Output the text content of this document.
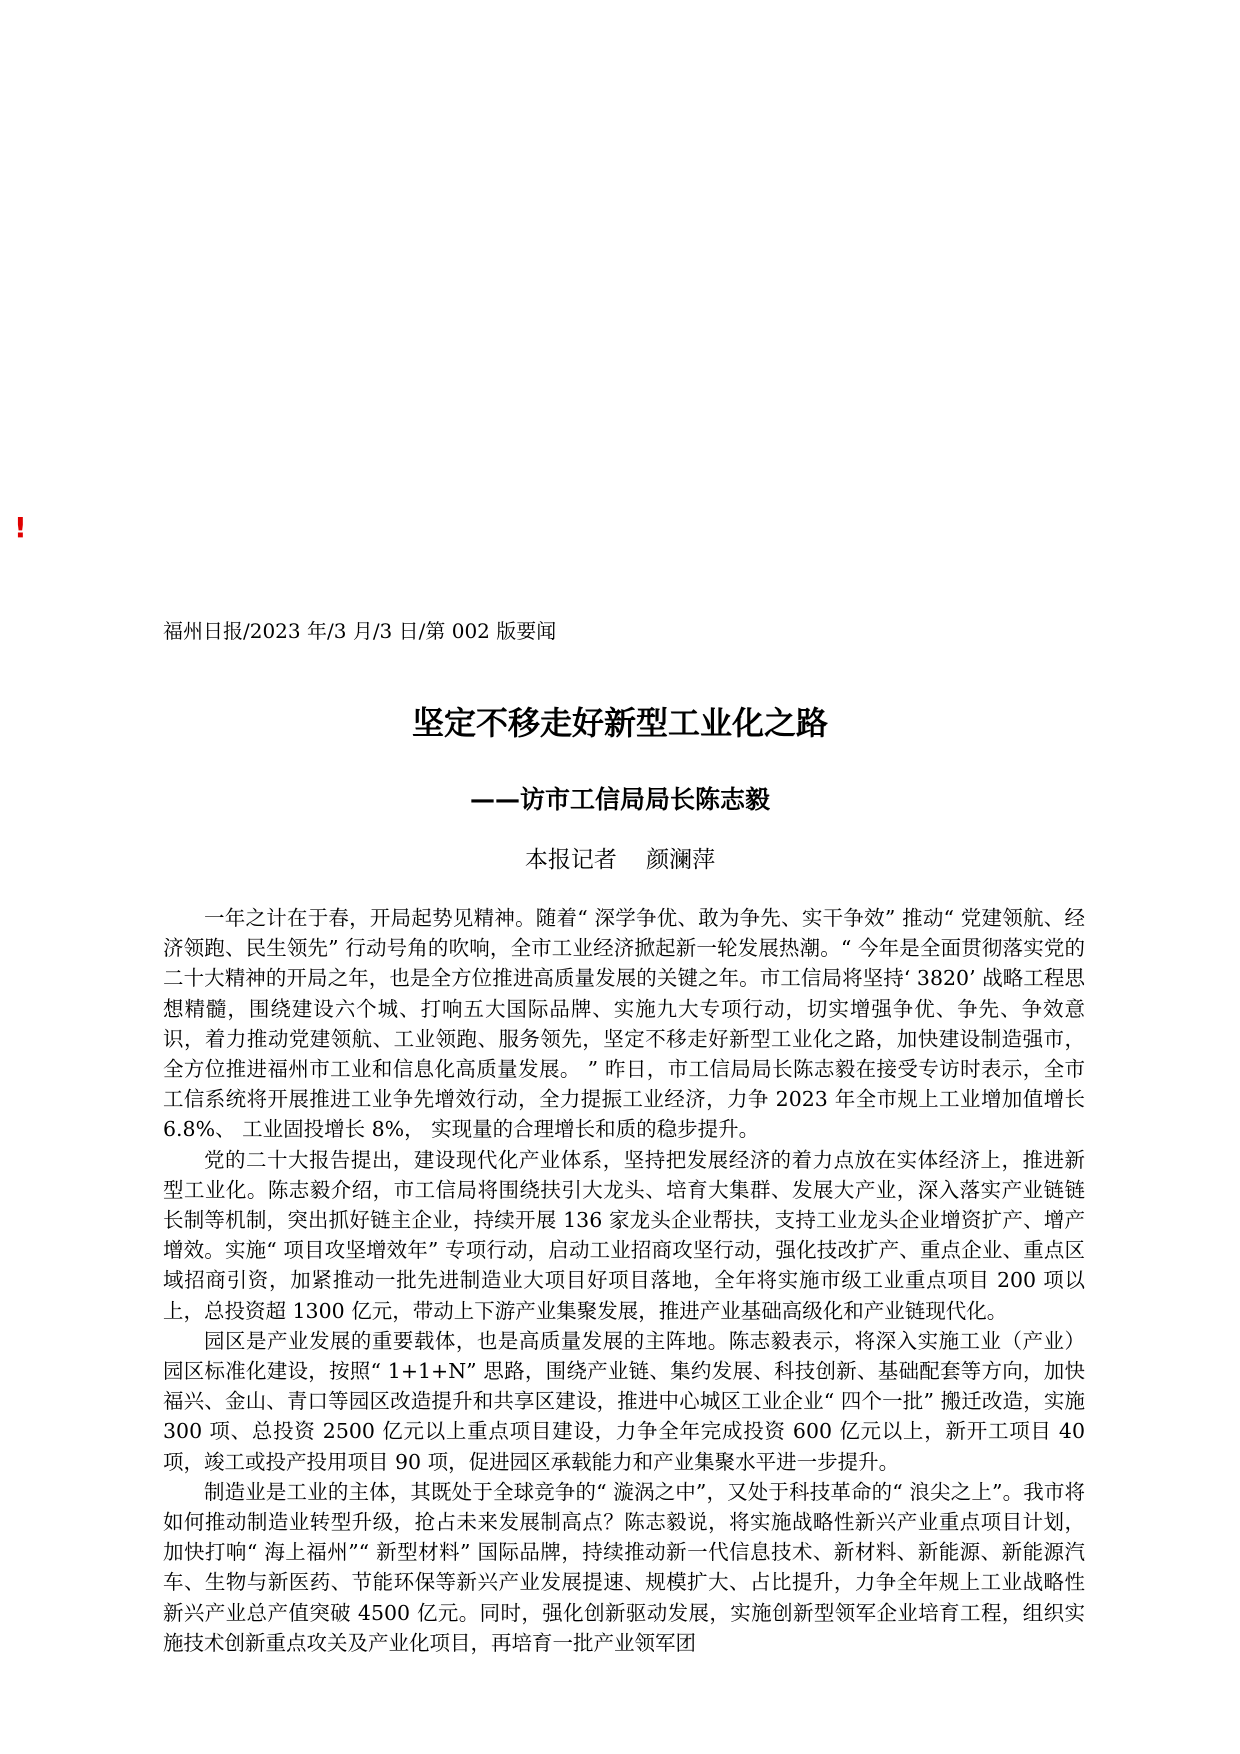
!
福州日报/2023 年/3 月/3 日/第 002 版要闻
坚定不移走好新型工业化之路
——访市工信局局长陈志毅
本报记者    颜澜萍

一年之计在于春，开局起势见精神。随着“ 深学争优、敢为争先、实干争效” 推动“ 党建领航、经济领跑、民生领先” 行动号角的吹响，全市工业经济掀起新一轮发展热潮。“ 今年是全面贯彻落实党的二十大精神的开局之年，也是全方位推进高质量发展的关键之年。市工信局将坚持‘ 3820’ 战略工程思想精髓，围绕建设六个城、打响五大国际品牌、实施九大专项行动，切实增强争优、争先、争效意识，着力推动党建领航、工业领跑、服务领先，坚定不移走好新型工业化之路，加快建设制造强市，全方位推进福州市工业和信息化高质量发展。 ” 昨日，市工信局局长陈志毅在接受专访时表示，全市工信系统将开展推进工业争先增效行动，全力提振工业经济，力争 2023 年全市规上工业增加值增长 6.8%、 工业固投增长 8%， 实现量的合理增长和质的稳步提升。

党的二十大报告提出，建设现代化产业体系，坚持把发展经济的着力点放在实体经济上，推进新型工业化。陈志毅介绍，市工信局将围绕扶引大龙头、培育大集群、发展大产业，深入落实产业链链长制等机制，突出抓好链主企业，持续开展 136 家龙头企业帮扶，支持工业龙头企业增资扩产、增产增效。实施“ 项目攻坚增效年” 专项行动，启动工业招商攻坚行动，强化技改扩产、重点企业、重点区域招商引资，加紧推动一批先进制造业大项目好项目落地，全年将实施市级工业重点项目 200 项以上，总投资超 1300 亿元，带动上下游产业集聚发展，推进产业基础高级化和产业链现代化。

园区是产业发展的重要载体，也是高质量发展的主阵地。陈志毅表示，将深入实施工业（产业）园区标准化建设，按照“ 1+1+N” 思路，围绕产业链、集约发展、科技创新、基础配套等方向，加快福兴、金山、青口等园区改造提升和共享区建设，推进中心城区工业企业“ 四个一批” 搬迁改造，实施 300 项、总投资 2500 亿元以上重点项目建设，力争全年完成投资 600 亿元以上，新开工项目 40 项，竣工或投产投用项目 90 项，促进园区承载能力和产业集聚水平进一步提升。

制造业是工业的主体，其既处于全球竞争的“ 漩涡之中”，又处于科技革命的“ 浪尖之上”。我市将如何推动制造业转型升级，抢占未来发展制高点？陈志毅说，将实施战略性新兴产业重点项目计划，加快打响“ 海上福州”“ 新型材料” 国际品牌，持续推动新一代信息技术、新材料、新能源、新能源汽车、生物与新医药、节能环保等新兴产业发展提速、规模扩大、占比提升，力争全年规上工业战略性新兴产业总产值突破 4500 亿元。同时，强化创新驱动发展，实施创新型领军企业培育工程，组织实施技术创新重点攻关及产业化项目，再培育一批产业领军团
